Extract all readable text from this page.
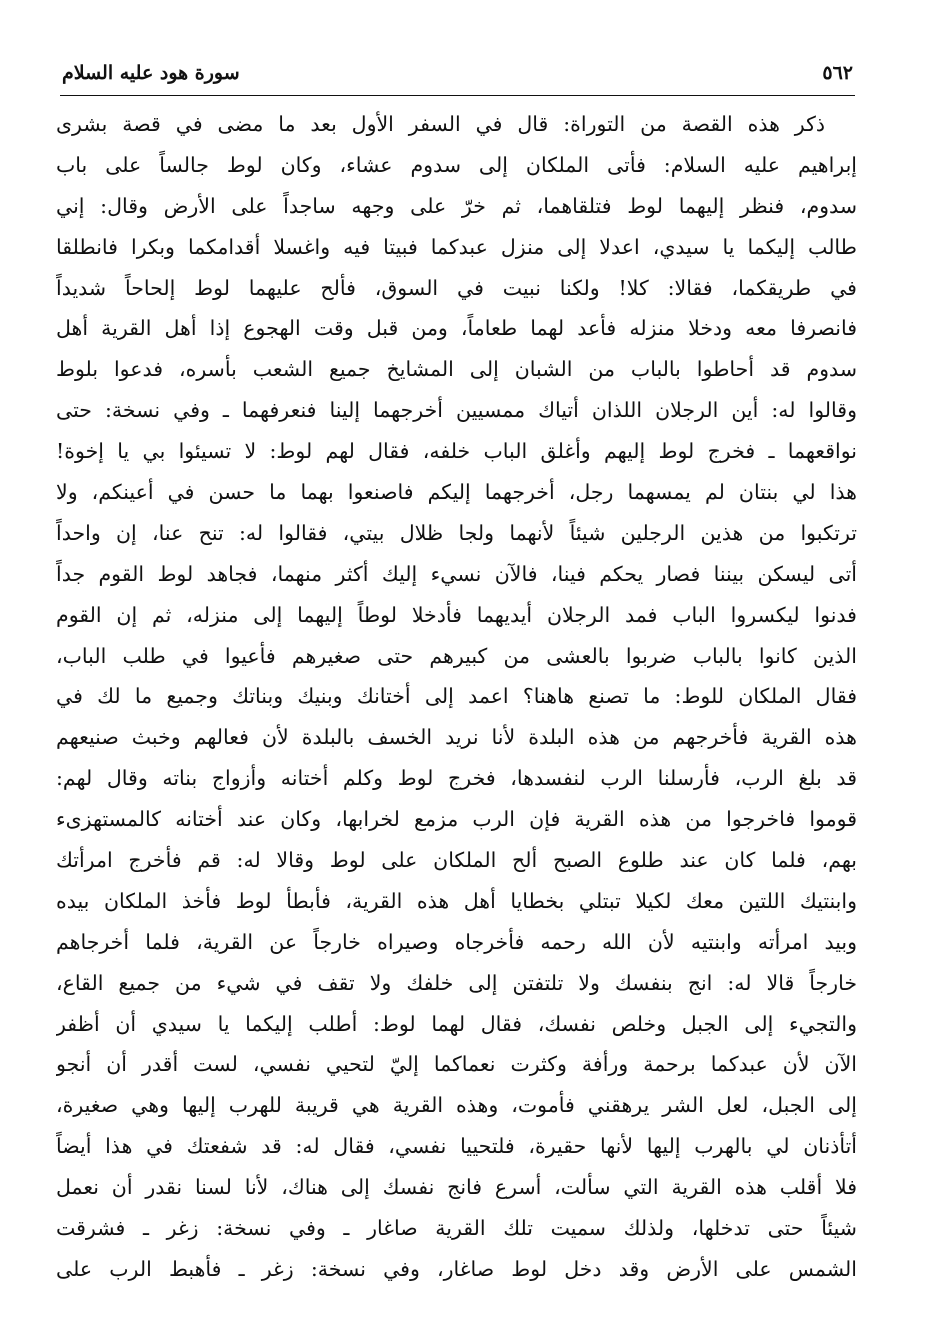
سورة هود عليه السلام	٥٦٢
ذكر هذه القصة من التوراة: قال في السفر الأول بعد ما مضى في قصة بشرى
إبراهيم عليه السلام: فأتى الملكان إلى سدوم عشاء، وكان لوط جالساً على باب
سدوم، فنظر إليهما لوط فتلقاهما، ثم خرّ على وجهه ساجداً على الأرض وقال: إني
طالب إليكما يا سيدي، اعدلا إلى منزل عبدكما فبيتا فيه واغسلا أقدامكما وبكرا فانطلقا
في طريقكما، فقالا: كلا! ولكنا نبيت في السوق، فألح عليهما لوط إلحاحاً شديداً
فانصرفا معه ودخلا منزله فأعد لهما طعاماً، ومن قبل وقت الهجوع إذا أهل القرية أهل
سدوم قد أحاطوا بالباب من الشبان إلى المشايخ جميع الشعب بأسره، فدعوا بلوط
وقالوا له: أين الرجلان اللذان أتياك ممسيين أخرجهما إلينا فنعرفهما ـ وفي نسخة: حتى
نواقعهما ـ فخرج لوط إليهم وأغلق الباب خلفه، فقال لهم لوط: لا تسيئوا بي يا إخوة!
هذا لي بنتان لم يمسهما رجل، أخرجهما إليكم فاصنعوا بهما ما حسن في أعينكم، ولا
ترتكبوا من هذين الرجلين شيئاً لأنهما ولجا ظلال بيتي، فقالوا له: تنح عنا، إن واحداً
أتى ليسكن بيننا فصار يحكم فينا، فالآن نسيء إليك أكثر منهما، فجاهد لوط القوم جداً
فدنوا ليكسروا الباب فمد الرجلان أيديهما فأدخلا لوطاً إليهما إلى منزله، ثم إن القوم
الذين كانوا بالباب ضربوا بالعشى من كبيرهم حتى صغيرهم فأعيوا في طلب الباب،
فقال الملكان للوط: ما تصنع هاهنا؟ اعمد إلى أختانك وبنيك وبناتك وجميع ما لك في
هذه القرية فأخرجهم من هذه البلدة لأنا نريد الخسف بالبلدة لأن فعالهم وخبث صنيعهم
قد بلغ الرب، فأرسلنا الرب لنفسدها، فخرج لوط وكلم أختانه وأزواج بناته وقال لهم:
قوموا فاخرجوا من هذه القرية فإن الرب مزمع لخرابها، وكان عند أختانه كالمستهزىء
بهم، فلما كان عند طلوع الصبح ألح الملكان على لوط وقالا له: قم فأخرج امرأتك
وابنتيك اللتين معك لكيلا تبتلي بخطايا أهل هذه القرية، فأبطأ لوط فأخذ الملكان بيده
وبيد امرأته وابنتيه لأن الله رحمه فأخرجاه وصيراه خارجاً عن القرية، فلما أخرجاهم
خارجاً قالا له: انج بنفسك ولا تلتفتن إلى خلفك ولا تقف في شيء من جميع القاع،
والتجيء إلى الجبل وخلص نفسك، فقال لهما لوط: أطلب إليكما يا سيدي أن أظفر
الآن لأن عبدكما برحمة ورأفة وكثرت نعماكما إليّ لتحيي نفسي، لست أقدر أن أنجو
إلى الجبل، لعل الشر يرهقني فأموت، وهذه القرية هي قريبة للهرب إليها وهي صغيرة،
أتأذنان لي بالهرب إليها لأنها حقيرة، فلتحييا نفسي، فقال له: قد شفعتك في هذا أيضاً
فلا أقلب هذه القرية التي سألت، أسرع فانج نفسك إلى هناك، لأنا لسنا نقدر أن نعمل
شيئاً حتى تدخلها، ولذلك سميت تلك القرية صاغار ـ وفي نسخة: زغر ـ فشرقت
الشمس على الأرض وقد دخل لوط صاغار، وفي نسخة: زغر ـ فأهبط الرب على
